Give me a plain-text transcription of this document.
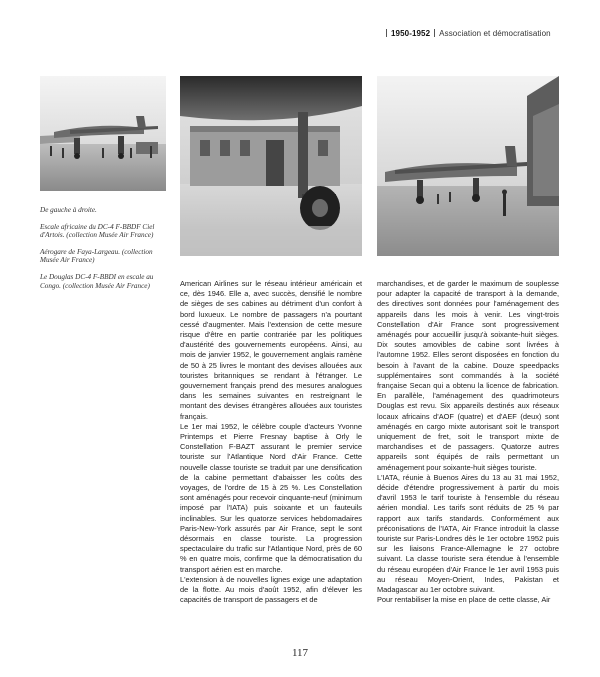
1950-1952 Association et démocratisation

De gauche à droite.

Escale africaine du DC-4 F-BBDF Ciel d'Artois. (collection Musée Air France)

Aérogare de Faya-Largeau. (collection Musée Air France)

Le Douglas DC-4 F-BBDI en escale au Congo. (collection Musée Air France)	American Airlines sur le réseau intérieur américain et ce, dès 1946. Elle a, avec succès, densifié le nombre de sièges de ses cabines au détriment d'un confort à bord luxueux. Le nombre de passagers n'a pourtant cessé d'augmenter. Mais l'extension de cette mesure risque d'être en partie contrariée par les politiques d'austérité des gouvernements européens. Ainsi, au mois de janvier 1952, le gouvernement anglais ramène de 50 à 25 livres le montant des devises allouées aux touristes britanniques se rendant à l'étranger. Le gouvernement français prend des mesures analogues dans les semaines suivantes en restreignant le montant des devises étrangères allouées aux touristes français.

Le 1er mai 1952, le célèbre couple d'acteurs Yvonne Printemps et Pierre Fresnay baptise à Orly le Constellation F-BAZT assurant le premier service touriste sur l'Atlantique Nord d'Air France. Cette nouvelle classe touriste se traduit par une densification de la cabine permettant d'abaisser les coûts des voyages, de l'ordre de 15 à 25 %. Les Constellation sont aménagés pour recevoir cinquante-neuf (minimum imposé par l'IATA) puis soixante et un fauteuils inclinables. Sur les quatorze services hebdomadaires Paris-New-York assurés par Air France, sept le sont désormais en classe touriste. La progression spectaculaire du trafic sur l'Atlantique Nord, près de 60 % en quatre mois, confirme que la démocratisation du transport aérien est en marche.

L'extension à de nouvelles lignes exige une adaptation de la flotte. Au mois d'août 1952, afin d'élever les capacités de transport de passagers et de

marchandises, et de garder le maximum de souplesse pour adapter la capacité de transport à la demande, des directives sont données pour l'aménagement des appareils dans les mois à venir. Les vingt-trois Constellation d'Air France sont progressivement aménagés pour accueillir jusqu'à soixante-huit sièges. Dix soutes amovibles de cabine sont livrées à l'automne 1952. Elles seront disposées en fonction du besoin à l'avant de la cabine. Douze speedpacks supplémentaires sont commandés à la société française Secan qui a obtenu la licence de fabrication. En parallèle, l'aménagement des quadrimoteurs Douglas est revu. Six appareils destinés aux réseaux locaux africains d'AOF (quatre) et d'AEF (deux) sont aménagés en cargo mixte autorisant soit le transport uniquement de fret, soit le transport mixte de marchandises et de passagers. Quatorze autres appareils sont équipés de rails permettant un aménagement pour soixante-huit sièges touriste.

L'IATA, réunie à Buenos Aires du 13 au 31 mai 1952, décide d'étendre progressivement à partir du mois d'avril 1953 le tarif touriste à l'ensemble du réseau aérien mondial. Les tarifs sont réduits de 25 % par rapport aux tarifs standards. Conformément aux préconisations de l'IATA, Air France introduit la classe touriste sur Paris-Londres dès le 1er octobre 1952 puis sur les liaisons France-Allemagne le 27 octobre suivant. La classe touriste sera étendue à l'ensemble du réseau européen d'Air France le 1er avril 1953 puis au réseau Moyen-Orient, Indes, Pakistan et Madagascar au 1er octobre suivant.

Pour rentabiliser la mise en place de cette classe, Air

117
